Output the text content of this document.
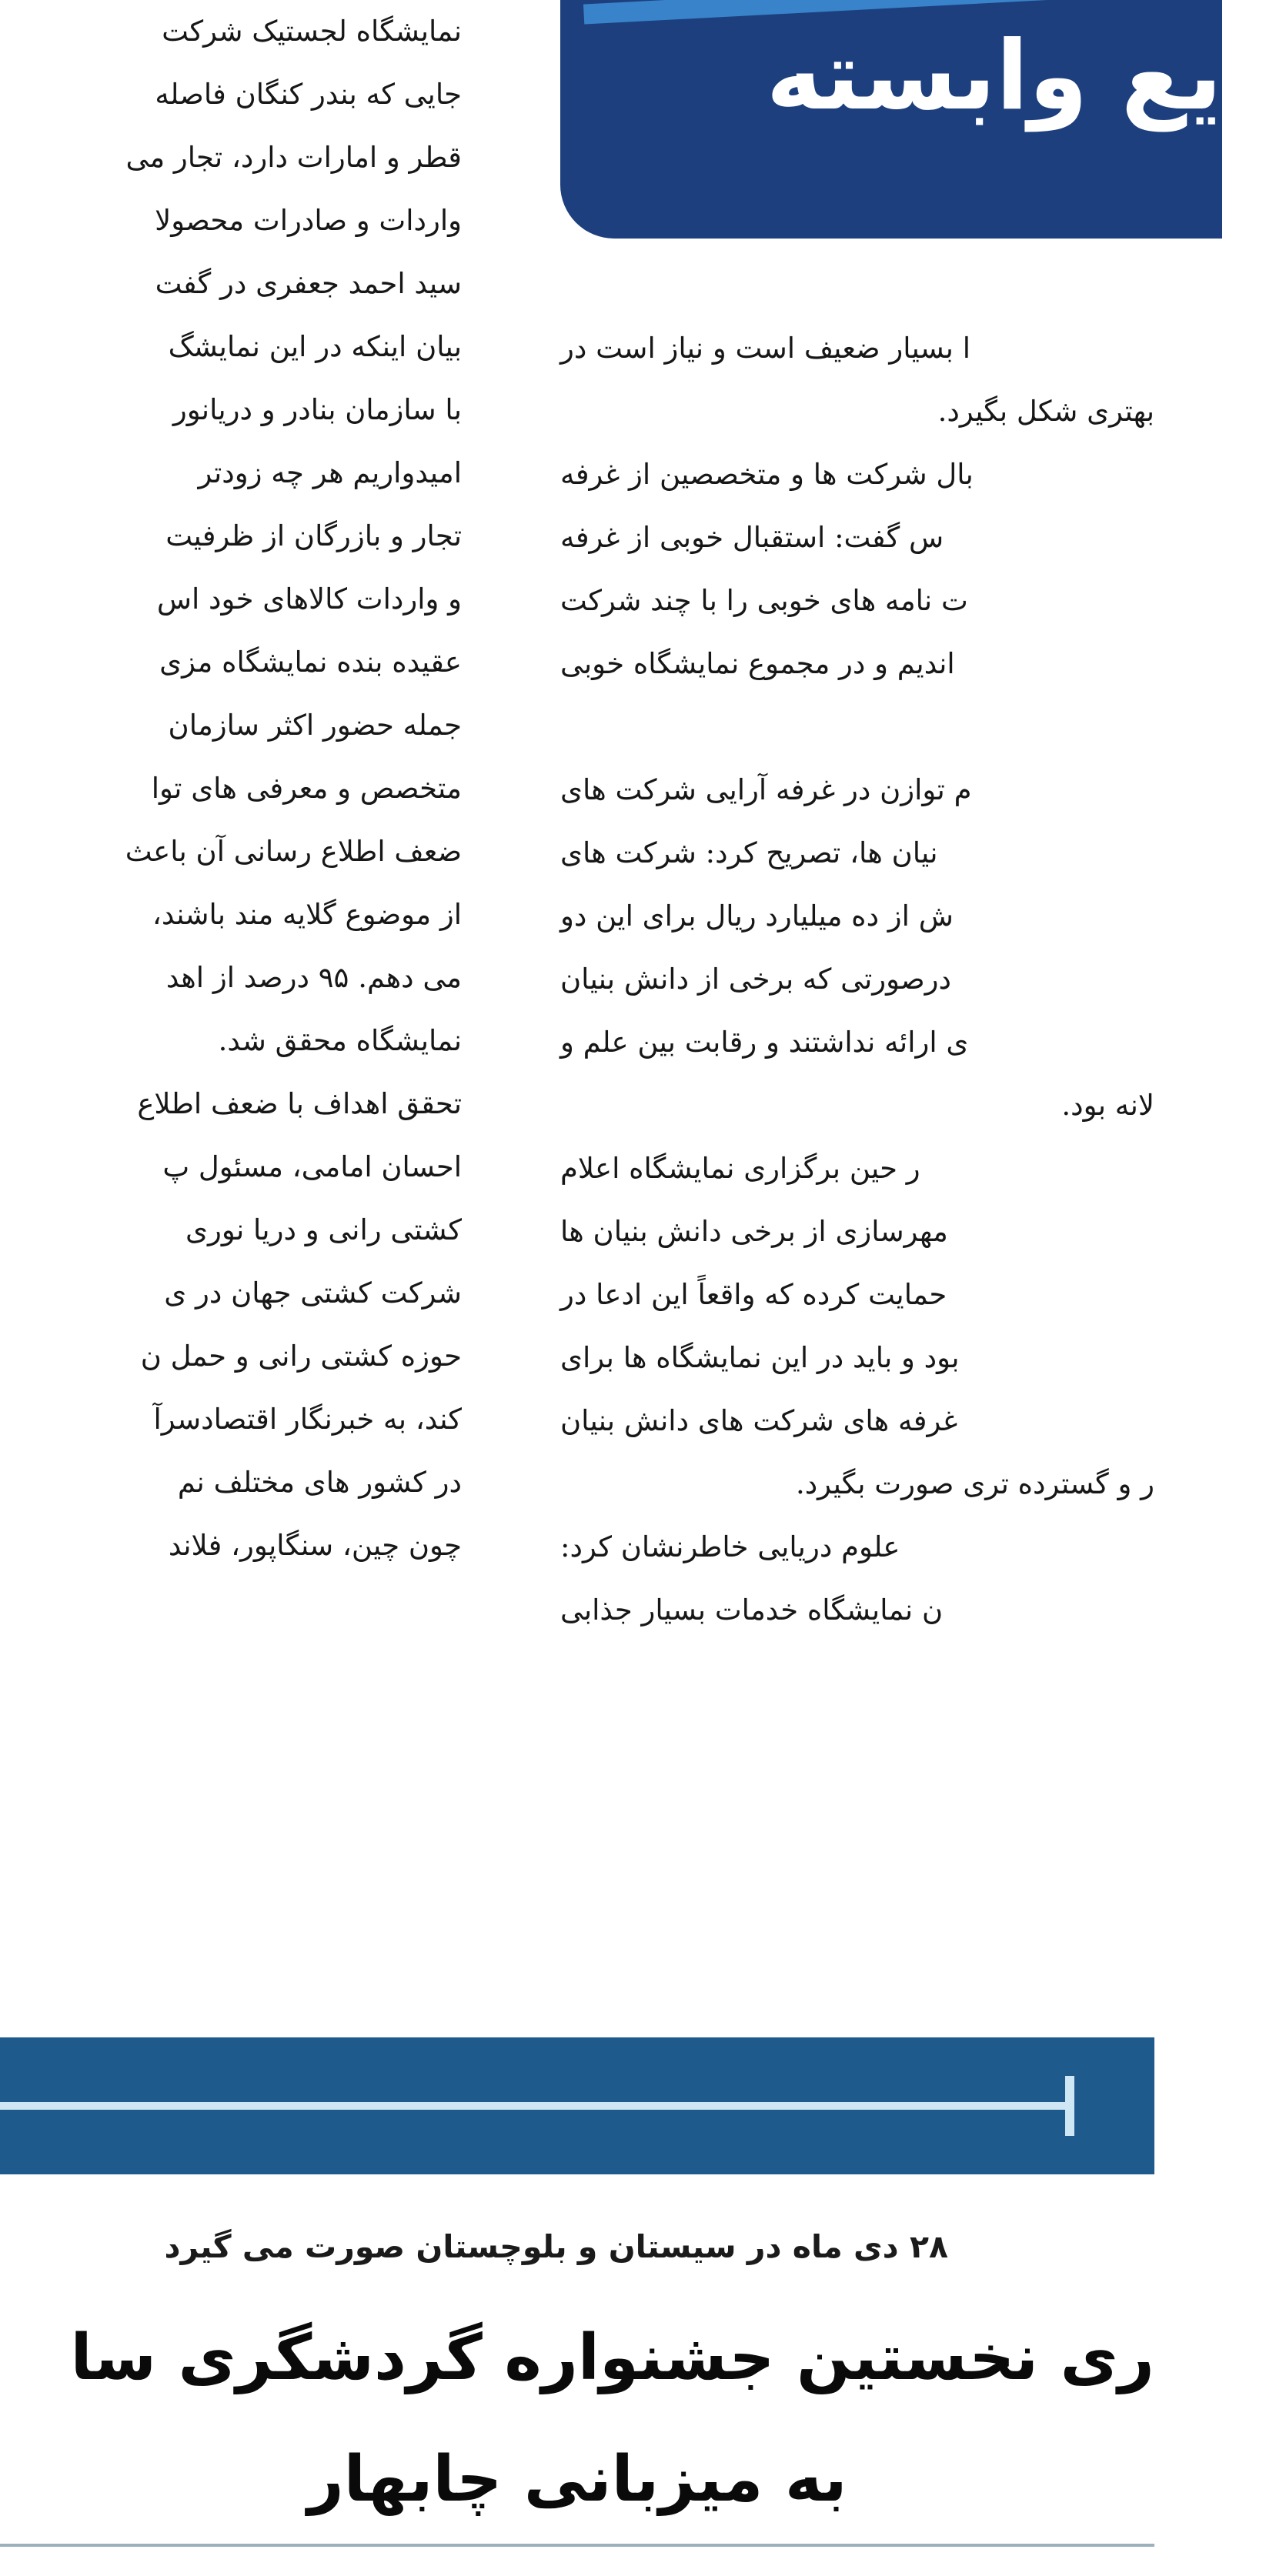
یع وابسته

نمایشگاه لجستیک شرکت

جایی که بندر کنگان فاصله

قطر و امارات دارد، تجار می

واردات و صادرات محصولا

سید احمد جعفری در گفت

بیان اینکه در این نمایشگ

با سازمان بنادر و دریانور

امیدواریم هر چه زودتر

تجار و بازرگان از ظرفیت

و واردات کالاهای خود اس

عقیده بنده نمایشگاه مزی

جمله حضور اکثر سازمان

متخصص و معرفی های توا

ضعف اطلاع رسانی آن باعث

از موضوع گلایه مند باشند،

می دهم. ۹۵ درصد از اهد

نمایشگاه محقق شد.

تحقق اهداف با ضعف اطلاع

احسان امامی، مسئول پ

کشتی رانی و دریا نوری

شرکت کشتی جهان در ی

حوزه کشتی رانی و حمل ن

کند، به خبرنگار اقتصادسرآ

در کشور های مختلف نم

چون چین، سنگاپور، فلاند

ا بسیار ضعیف است و نیاز است در

بهتری شکل بگیرد.

بال شرکت ها و متخصصین از غرفه

س گفت: استقبال خوبی از غرفه

ت نامه های خوبی را با چند شرکت

اندیم و در مجموع نمایشگاه خوبی

م توازن در غرفه آرایی شرکت های

نیان ها، تصریح کرد: شرکت های

ش از ده میلیارد ریال برای این دو

درصورتی که برخی از دانش بنیان

ی ارائه نداشتند و رقابت بین علم و

لانه بود.

ر حین برگزاری نمایشگاه اعلام

مهرسازی از برخی دانش بنیان ها

حمایت کرده که واقعاً این ادعا در

بود و باید در این نمایشگاه ها برای

غرفه های شرکت های دانش بنیان

ر و گسترده تری صورت بگیرد.

علوم دریایی خاطرنشان کرد:

ن نمایشگاه خدمات بسیار جذابی

۲۸ دی ماه در سیستان و بلوچستان صورت می گیرد

ری نخستین جشنواره گردشگری سا
به میزبانی چابهار
